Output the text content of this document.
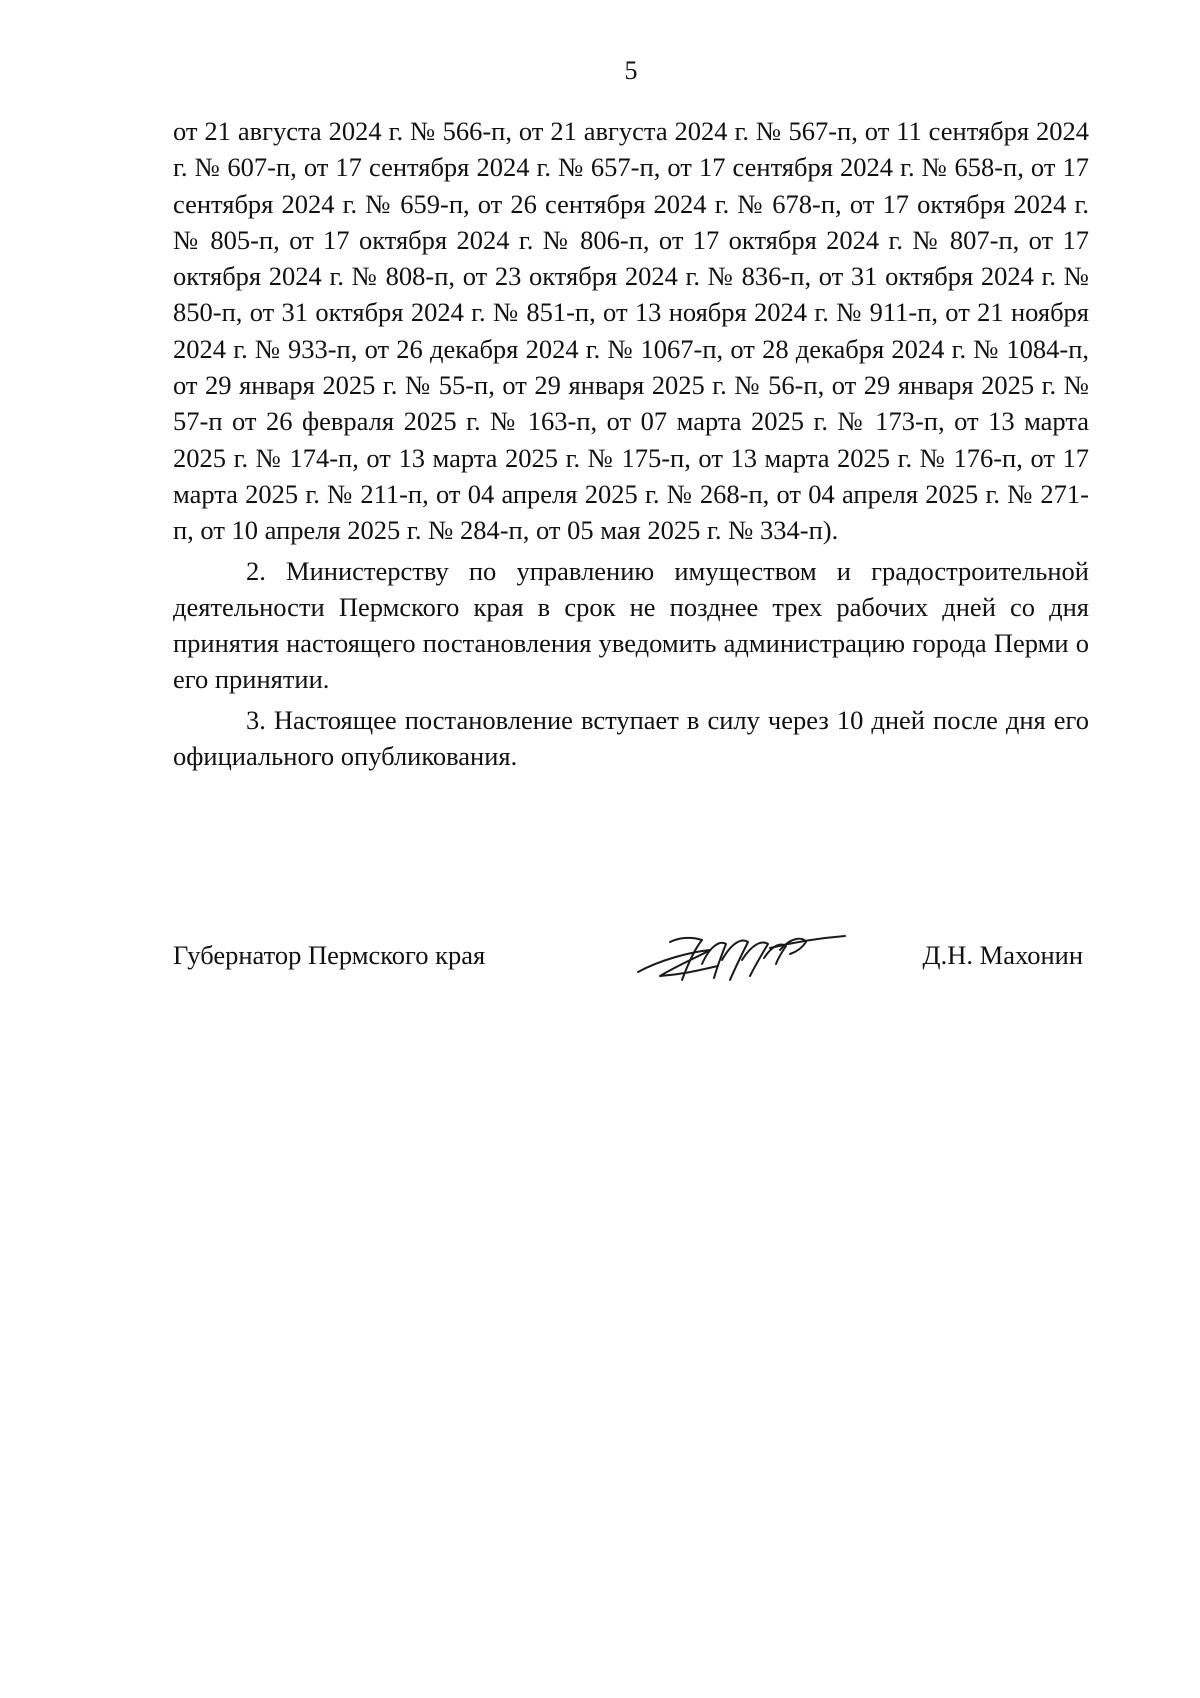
5

от 21 августа 2024 г. № 566-п, от 21 августа 2024 г. № 567-п, от 11 сентября 2024 г. № 607-п, от 17 сентября 2024 г. № 657-п, от 17 сентября 2024 г. № 658-п, от 17 сентября 2024 г. № 659-п, от 26 сентября 2024 г. № 678-п, от 17 октября 2024 г. № 805-п, от 17 октября 2024 г. № 806-п, от 17 октября 2024 г. № 807-п, от 17 октября 2024 г. № 808-п, от 23 октября 2024 г. № 836-п, от 31 октября 2024 г. № 850-п, от 31 октября 2024 г. № 851-п, от 13 ноября 2024 г. № 911-п, от 21 ноября 2024 г. № 933-п, от 26 декабря 2024 г. № 1067-п, от 28 декабря 2024 г. № 1084-п, от 29 января 2025 г. № 55-п, от 29 января 2025 г. № 56-п, от 29 января 2025 г. № 57-п от 26 февраля 2025 г. № 163-п, от 07 марта 2025 г. № 173-п, от 13 марта 2025 г. № 174-п, от 13 марта 2025 г. № 175-п, от 13 марта 2025 г. № 176-п, от 17 марта 2025 г. № 211-п, от 04 апреля 2025 г. № 268-п, от 04 апреля 2025 г. № 271-п, от 10 апреля 2025 г. № 284-п, от 05 мая 2025 г. № 334-п).

2. Министерству по управлению имуществом и градостроительной деятельности Пермского края в срок не позднее трех рабочих дней со дня принятия настоящего постановления уведомить администрацию города Перми о его принятии.

3. Настоящее постановление вступает в силу через 10 дней после дня его официального опубликования.

Губернатор Пермского края	Д.Н. Махонин
